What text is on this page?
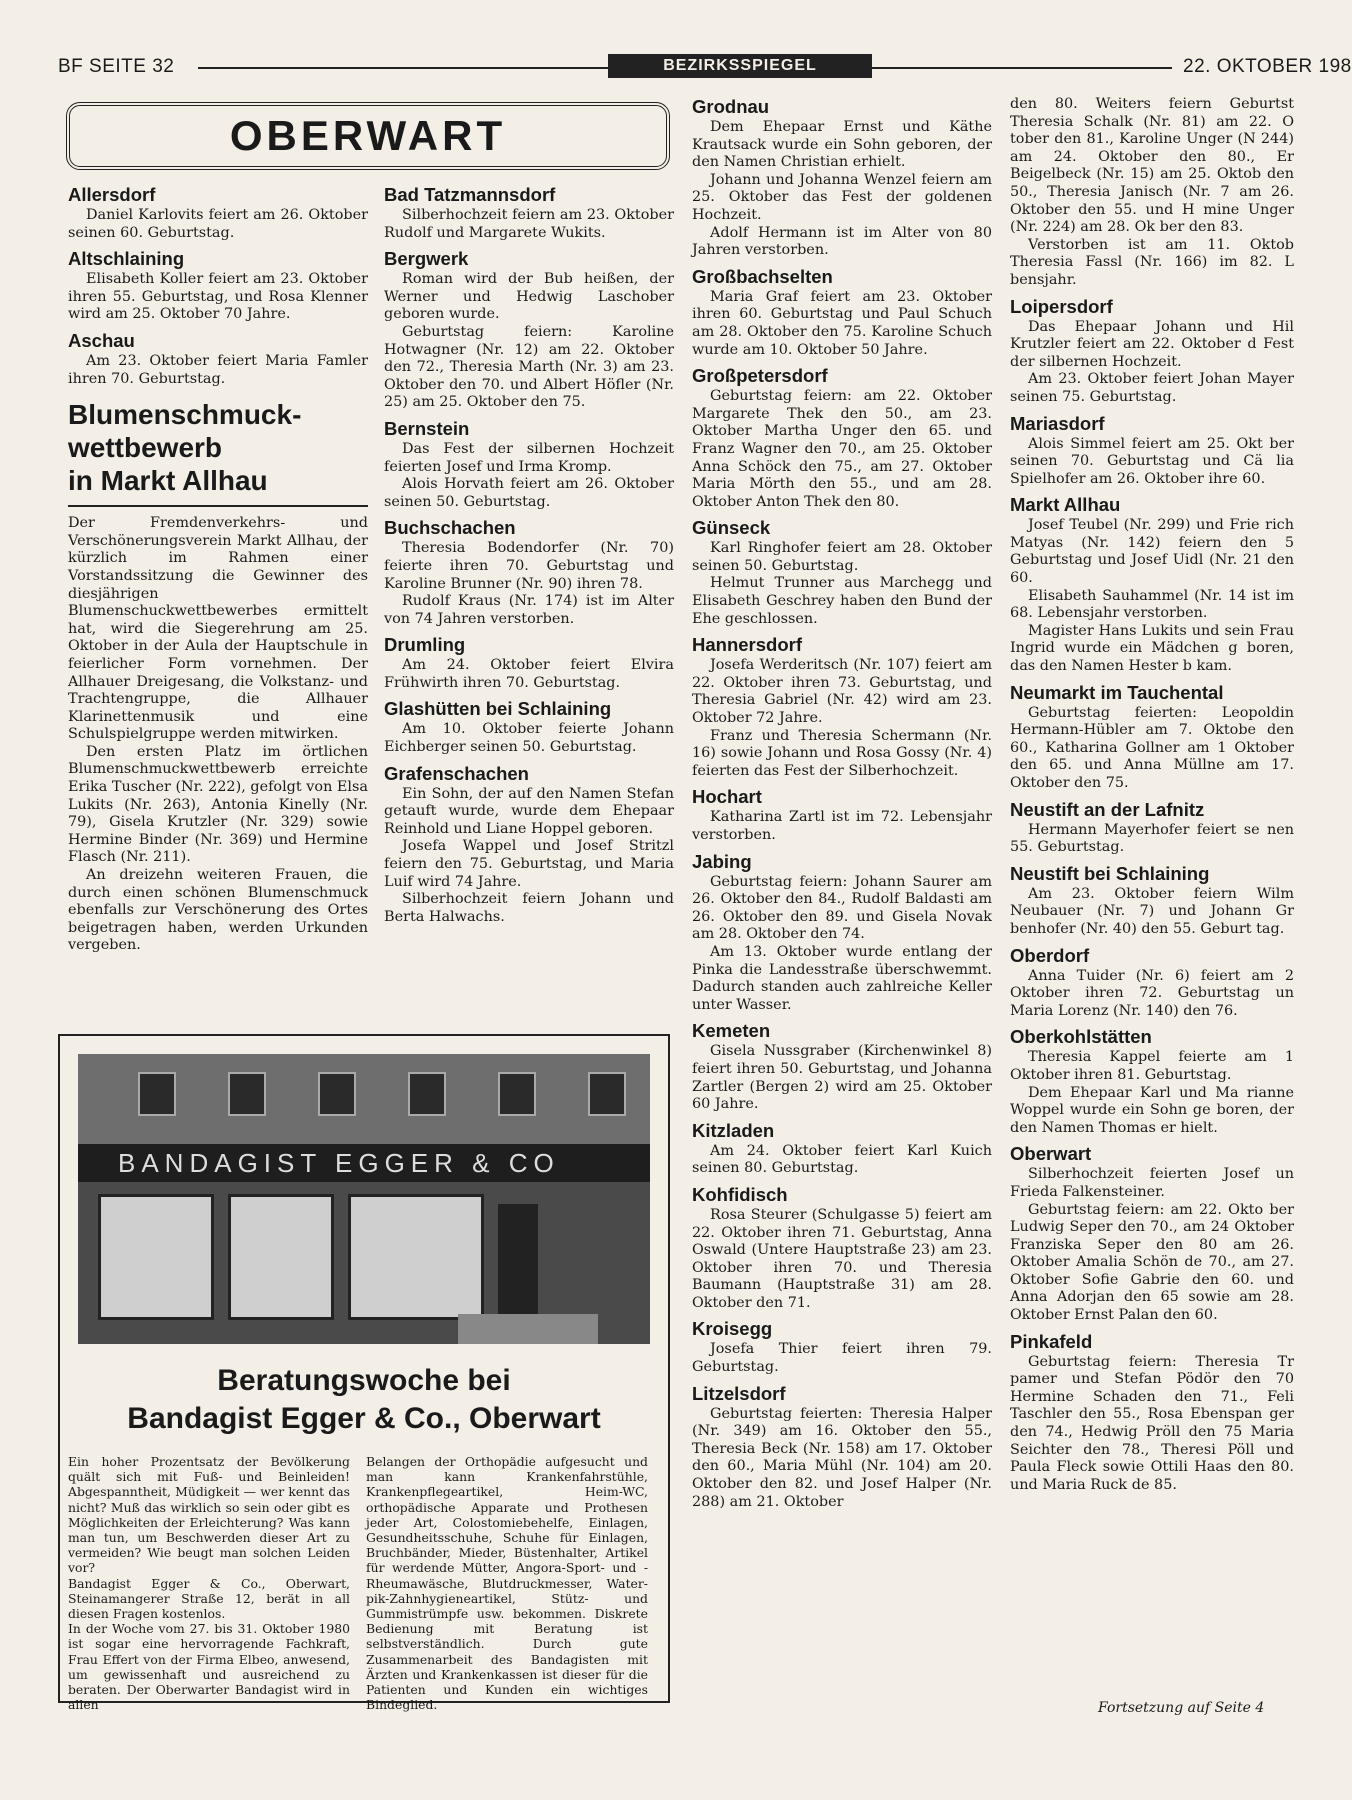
BF SEITE 32	BEZIRKSSPIEGEL	22. OKTOBER 198
OBERWART
Allersdorf

Daniel Karlovits feiert am 26. Oktober seinen 60. Geburtstag.

Altschlaining

Elisabeth Koller feiert am 23. Oktober ihren 55. Geburtstag, und Rosa Klenner wird am 25. Oktober 70 Jahre.

Aschau

Am 23. Oktober feiert Maria Famler ihren 70. Geburtstag.

Blumenschmuck-
wettbewerb
in Markt Allhau

Der Fremdenverkehrs- und Verschönerungsverein Markt Allhau, der kürzlich im Rahmen einer Vorstandssitzung die Gewinner des diesjährigen Blumenschuckwettbewerbes ermittelt hat, wird die Siegerehrung am 25. Oktober in der Aula der Hauptschule in feierlicher Form vornehmen. Der Allhauer Dreigesang, die Volkstanz- und Trachtengruppe, die Allhauer Klarinettenmusik und eine Schulspielgruppe werden mitwirken.

Den ersten Platz im örtlichen Blumenschmuckwettbewerb erreichte Erika Tuscher (Nr. 222), gefolgt von Elsa Lukits (Nr. 263), Antonia Kinelly (Nr. 79), Gisela Krutzler (Nr. 329) sowie Hermine Binder (Nr. 369) und Hermine Flasch (Nr. 211).

An dreizehn weiteren Frauen, die durch einen schönen Blumenschmuck ebenfalls zur Verschönerung des Ortes beigetragen haben, werden Urkunden vergeben.

Bad Tatzmannsdorf

Silberhochzeit feiern am 23. Oktober Rudolf und Margarete Wukits.

Bergwerk

Roman wird der Bub heißen, der Werner und Hedwig Laschober geboren wurde.

Geburtstag feiern: Karoline Hotwagner (Nr. 12) am 22. Oktober den 72., Theresia Marth (Nr. 3) am 23. Oktober den 70. und Albert Höfler (Nr. 25) am 25. Oktober den 75.

Bernstein

Das Fest der silbernen Hochzeit feierten Josef und Irma Kromp.

Alois Horvath feiert am 26. Oktober seinen 50. Geburtstag.

Buchschachen

Theresia Bodendorfer (Nr. 70) feierte ihren 70. Geburtstag und Karoline Brunner (Nr. 90) ihren 78.

Rudolf Kraus (Nr. 174) ist im Alter von 74 Jahren verstorben.

Drumling

Am 24. Oktober feiert Elvira Frühwirth ihren 70. Geburtstag.

Glashütten bei Schlaining

Am 10. Oktober feierte Johann Eichberger seinen 50. Geburtstag.

Grafenschachen

Ein Sohn, der auf den Namen Stefan getauft wurde, wurde dem Ehepaar Reinhold und Liane Hoppel geboren.

Josefa Wappel und Josef Stritzl feiern den 75. Geburtstag, und Maria Luif wird 74 Jahre.

Silberhochzeit feiern Johann und Berta Halwachs.

Grodnau

Dem Ehepaar Ernst und Käthe Krautsack wurde ein Sohn geboren, der den Namen Christian erhielt.

Johann und Johanna Wenzel feiern am 25. Oktober das Fest der goldenen Hochzeit.

Adolf Hermann ist im Alter von 80 Jahren verstorben.

Großbachselten

Maria Graf feiert am 23. Oktober ihren 60. Geburtstag und Paul Schuch am 28. Oktober den 75. Karoline Schuch wurde am 10. Oktober 50 Jahre.

Großpetersdorf

Geburtstag feiern: am 22. Oktober Margarete Thek den 50., am 23. Oktober Martha Unger den 65. und Franz Wagner den 70., am 25. Oktober Anna Schöck den 75., am 27. Oktober Maria Mörth den 55., und am 28. Oktober Anton Thek den 80.

Günseck

Karl Ringhofer feiert am 28. Oktober seinen 50. Geburtstag.

Helmut Trunner aus Marchegg und Elisabeth Geschrey haben den Bund der Ehe geschlossen.

Hannersdorf

Josefa Werderitsch (Nr. 107) feiert am 22. Oktober ihren 73. Geburtstag, und Theresia Gabriel (Nr. 42) wird am 23. Oktober 72 Jahre.

Franz und Theresia Schermann (Nr. 16) sowie Johann und Rosa Gossy (Nr. 4) feierten das Fest der Silberhochzeit.

Hochart

Katharina Zartl ist im 72. Lebensjahr verstorben.

Jabing

Geburtstag feiern: Johann Saurer am 26. Oktober den 84., Rudolf Baldasti am 26. Oktober den 89. und Gisela Novak am 28. Oktober den 74.

Am 13. Oktober wurde entlang der Pinka die Landesstraße überschwemmt. Dadurch standen auch zahlreiche Keller unter Wasser.

Kemeten

Gisela Nussgraber (Kirchenwinkel 8) feiert ihren 50. Geburtstag, und Johanna Zartler (Bergen 2) wird am 25. Oktober 60 Jahre.

Kitzladen

Am 24. Oktober feiert Karl Kuich seinen 80. Geburtstag.

Kohfidisch

Rosa Steurer (Schulgasse 5) feiert am 22. Oktober ihren 71. Geburtstag, Anna Oswald (Untere Hauptstraße 23) am 23. Oktober ihren 70. und Theresia Baumann (Hauptstraße 31) am 28. Oktober den 71.

Kroisegg

Josefa Thier feiert ihren 79. Geburtstag.

Litzelsdorf

Geburtstag feierten: Theresia Halper (Nr. 349) am 16. Oktober den 55., Theresia Beck (Nr. 158) am 17. Oktober den 60., Maria Mühl (Nr. 104) am 20. Oktober den 82. und Josef Halper (Nr. 288) am 21. Oktober

den 80. Weiters feiern Geburtst Theresia Schalk (Nr. 81) am 22. O tober den 81., Karoline Unger (N 244) am 24. Oktober den 80., Er Beigelbeck (Nr. 15) am 25. Oktob den 50., Theresia Janisch (Nr. 7 am 26. Oktober den 55. und H mine Unger (Nr. 224) am 28. Ok ber den 83.

Verstorben ist am 11. Oktob Theresia Fassl (Nr. 166) im 82. L bensjahr.

Loipersdorf

Das Ehepaar Johann und Hil Krutzler feiert am 22. Oktober d Fest der silbernen Hochzeit.

Am 23. Oktober feiert Johan Mayer seinen 75. Geburtstag.

Mariasdorf

Alois Simmel feiert am 25. Okt ber seinen 70. Geburtstag und Cä lia Spielhofer am 26. Oktober ihre 60.

Markt Allhau

Josef Teubel (Nr. 299) und Frie rich Matyas (Nr. 142) feiern den 5 Geburtstag und Josef Uidl (Nr. 21 den 60.

Elisabeth Sauhammel (Nr. 14 ist im 68. Lebensjahr verstorben.

Magister Hans Lukits und sein Frau Ingrid wurde ein Mädchen g boren, das den Namen Hester b kam.

Neumarkt im Tauchental

Geburtstag feierten: Leopoldin Hermann-Hübler am 7. Oktobe den 60., Katharina Gollner am 1 Oktober den 65. und Anna Müllne am 17. Oktober den 75.

Neustift an der Lafnitz

Hermann Mayerhofer feiert se nen 55. Geburtstag.

Neustift bei Schlaining

Am 23. Oktober feiern Wilm Neubauer (Nr. 7) und Johann Gr benhofer (Nr. 40) den 55. Geburt tag.

Oberdorf

Anna Tuider (Nr. 6) feiert am 2 Oktober ihren 72. Geburtstag un Maria Lorenz (Nr. 140) den 76.

Oberkohlstätten

Theresia Kappel feierte am 1 Oktober ihren 81. Geburtstag.

Dem Ehepaar Karl und Ma rianne Woppel wurde ein Sohn ge boren, der den Namen Thomas er hielt.

Oberwart

Silberhochzeit feierten Josef un Frieda Falkensteiner.

Geburtstag feiern: am 22. Okto ber Ludwig Seper den 70., am 24 Oktober Franziska Seper den 80 am 26. Oktober Amalia Schön de 70., am 27. Oktober Sofie Gabrie den 60. und Anna Adorjan den 65 sowie am 28. Oktober Ernst Palan den 60.

Pinkafeld

Geburtstag feiern: Theresia Tr pamer und Stefan Pödör den 70 Hermine Schaden den 71., Feli Taschler den 55., Rosa Ebenspan ger den 74., Hedwig Pröll den 75 Maria Seichter den 78., Theresi Pöll und Paula Fleck sowie Ottili Haas den 80. und Maria Ruck de 85.

BANDAGIST EGGER & CO
Beratungswoche bei
Bandagist Egger & Co., Oberwart

Ein hoher Prozentsatz der Bevölkerung quält sich mit Fuß- und Beinleiden! Abgespanntheit, Müdigkeit — wer kennt das nicht? Muß das wirklich so sein oder gibt es Möglichkeiten der Erleichterung? Was kann man tun, um Beschwerden dieser Art zu vermeiden? Wie beugt man solchen Leiden vor?

Bandagist Egger & Co., Oberwart, Steinamangerer Straße 12, berät in all diesen Fragen kostenlos.

In der Woche vom 27. bis 31. Oktober 1980 ist sogar eine hervorragende Fachkraft, Frau Effert von der Firma Elbeo, anwesend, um gewissenhaft und ausreichend zu beraten. Der Oberwarter Bandagist wird in allen

Belangen der Orthopädie aufgesucht und man kann Krankenfahrstühle, Krankenpflegeartikel, Heim-WC, orthopädische Apparate und Prothesen jeder Art, Colostomiebehelfe, Einlagen, Gesundheitsschuhe, Schuhe für Einlagen, Bruchbänder, Mieder, Büstenhalter, Artikel für werdende Mütter, Angora-Sport- und -Rheumawäsche, Blutdruckmesser, Water-pik-Zahnhygieneartikel, Stütz- und Gummistrümpfe usw. bekommen. Diskrete Bedienung mit Beratung ist selbstverständlich. Durch gute Zusammenarbeit des Bandagisten mit Ärzten und Krankenkassen ist dieser für die Patienten und Kunden ein wichtiges Bindeglied.	Fortsetzung auf Seite 4
